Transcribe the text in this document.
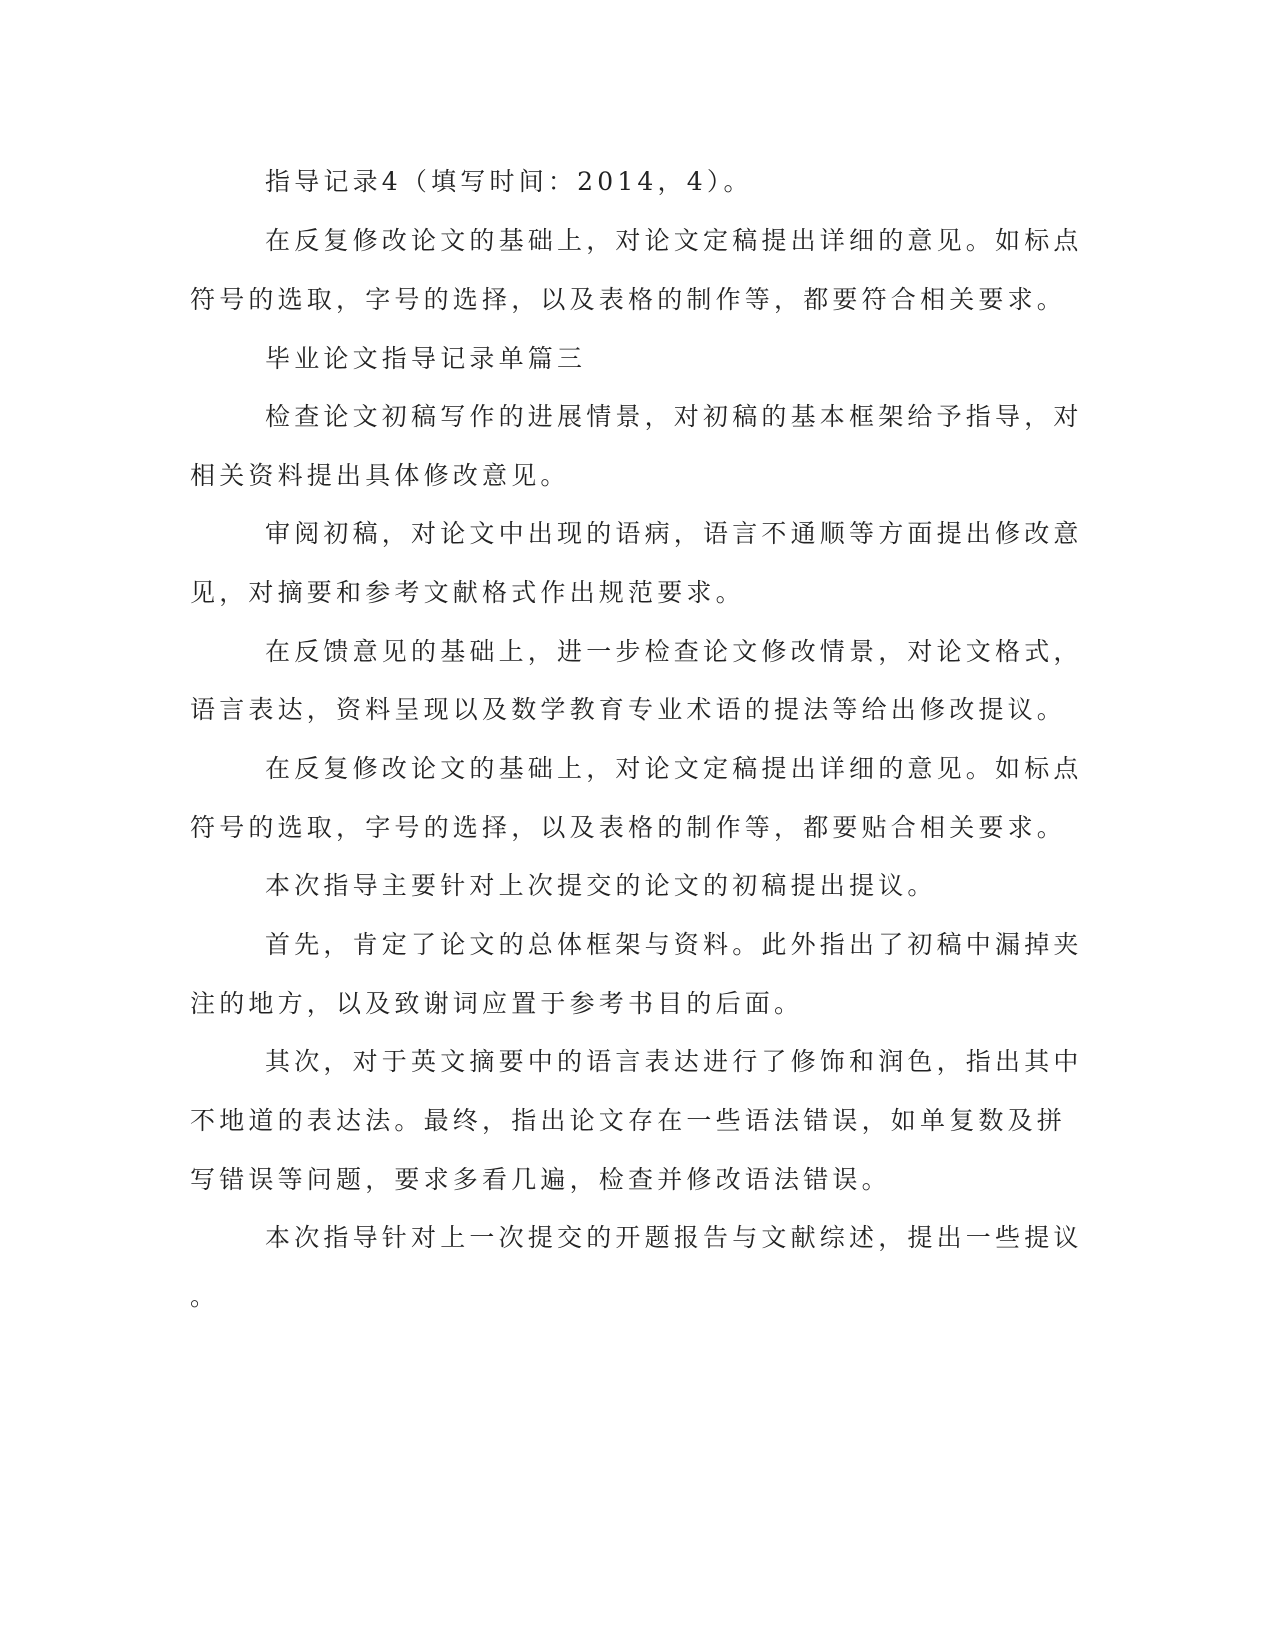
指导记录4（填写时间：2014，4）。
在反复修改论文的基础上，对论文定稿提出详细的意见。如标点
符号的选取，字号的选择，以及表格的制作等，都要符合相关要求。
毕业论文指导记录单篇三
检查论文初稿写作的进展情景，对初稿的基本框架给予指导，对
相关资料提出具体修改意见。
审阅初稿，对论文中出现的语病，语言不通顺等方面提出修改意
见，对摘要和参考文献格式作出规范要求。
在反馈意见的基础上，进一步检查论文修改情景，对论文格式，
语言表达，资料呈现以及数学教育专业术语的提法等给出修改提议。
在反复修改论文的基础上，对论文定稿提出详细的意见。如标点
符号的选取，字号的选择，以及表格的制作等，都要贴合相关要求。
本次指导主要针对上次提交的论文的初稿提出提议。
首先，肯定了论文的总体框架与资料。此外指出了初稿中漏掉夹
注的地方，以及致谢词应置于参考书目的后面。
其次，对于英文摘要中的语言表达进行了修饰和润色，指出其中
不地道的表达法。最终，指出论文存在一些语法错误，如单复数及拼
写错误等问题，要求多看几遍，检查并修改语法错误。
本次指导针对上一次提交的开题报告与文献综述，提出一些提议
。
